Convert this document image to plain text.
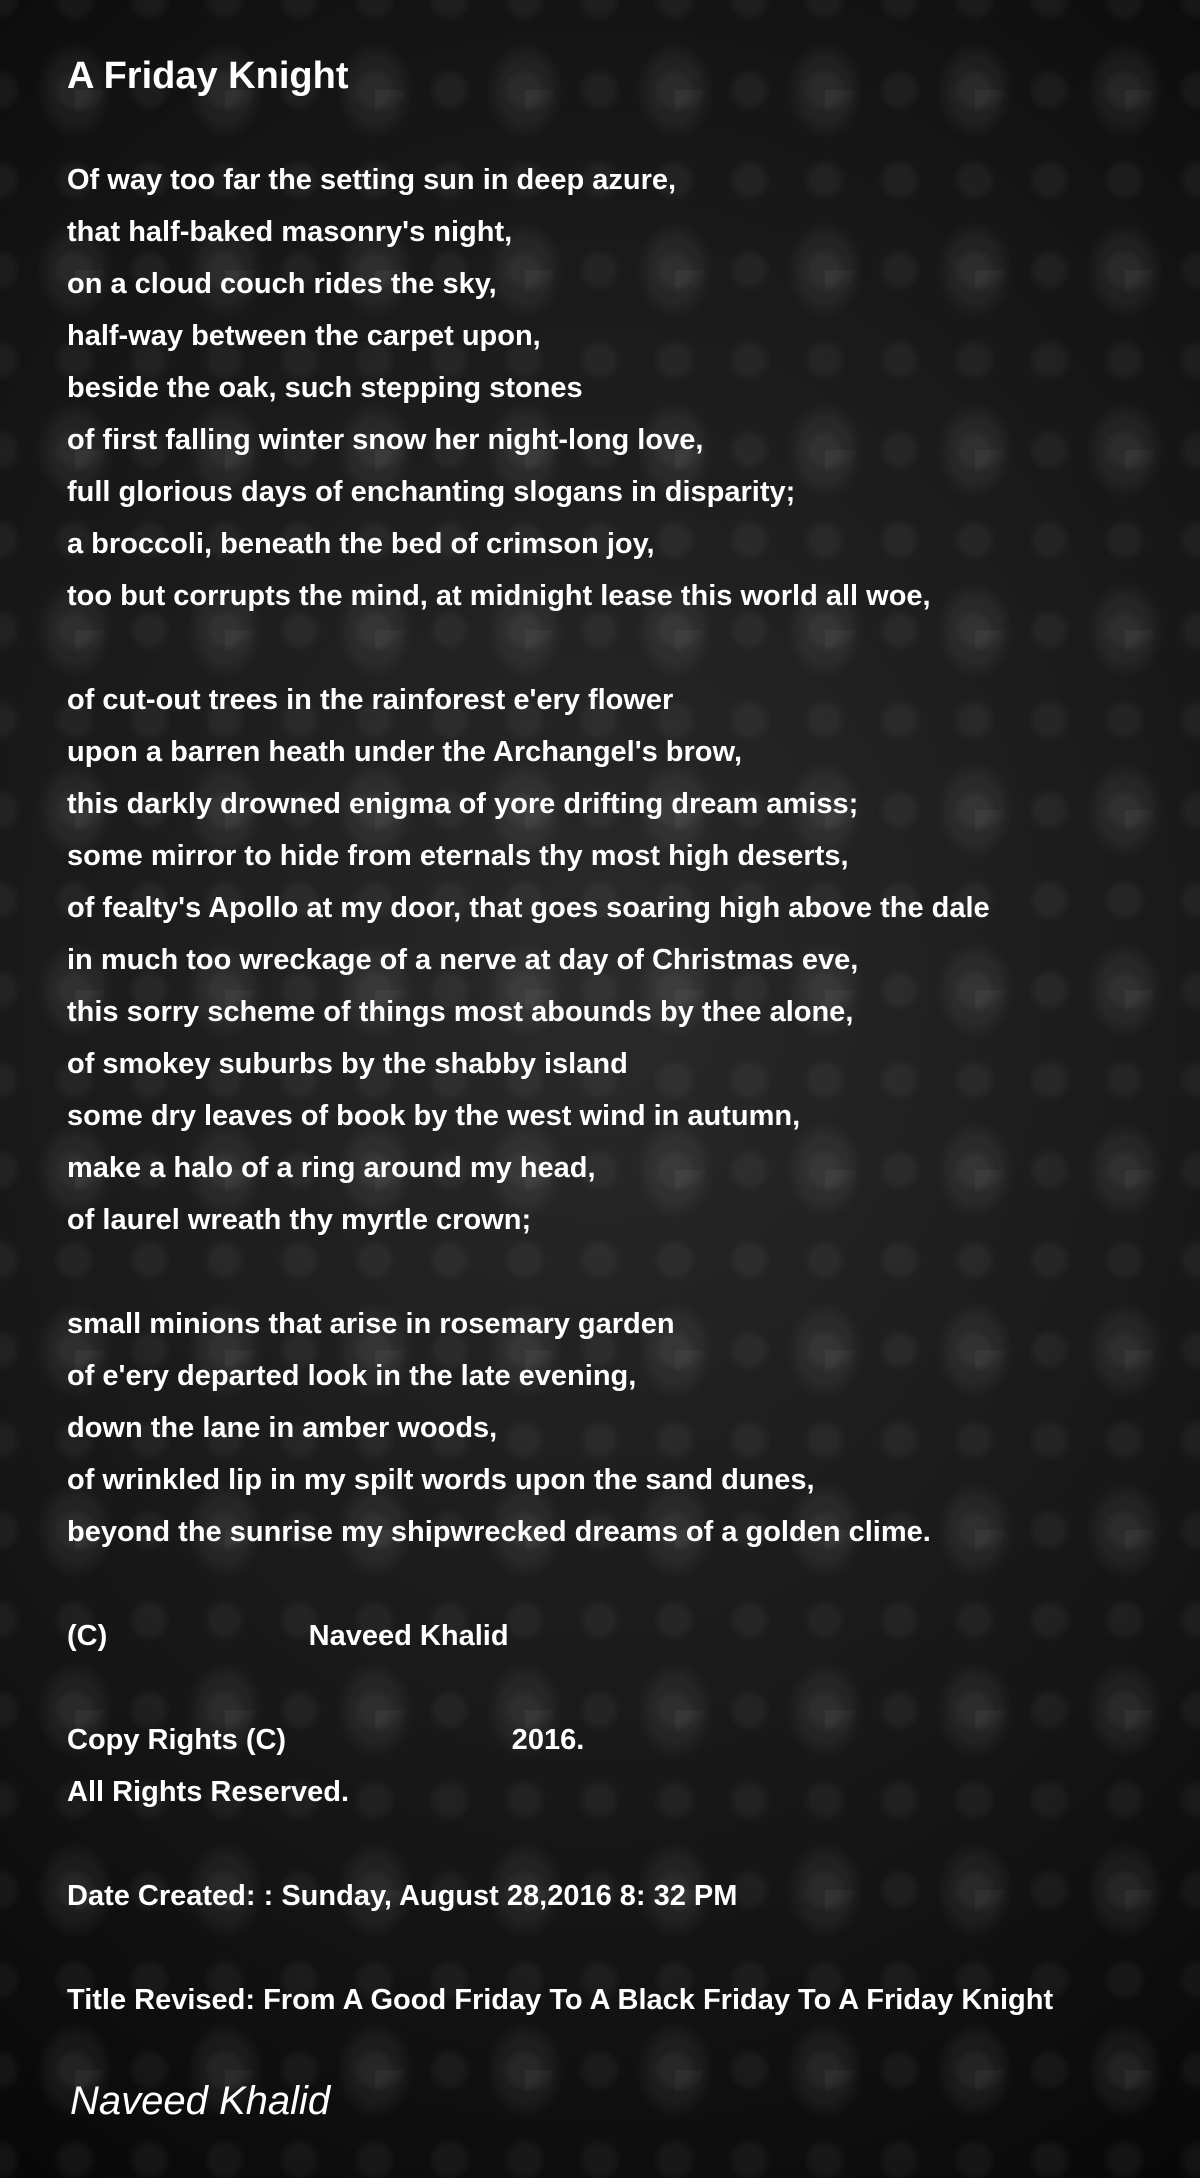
A Friday Knight
Of way too far the setting sun in deep azure,
that half-baked masonry's night,
on a cloud couch rides the sky,
half-way between the carpet upon,
beside the oak, such stepping stones
of first falling winter snow her night-long love,
full glorious days of enchanting slogans in disparity;
a broccoli, beneath the bed of crimson joy,
too but corrupts the mind, at midnight lease this world all woe,
of cut-out trees in the rainforest e'ery flower
upon a barren heath under the Archangel's brow,
this darkly drowned enigma of yore drifting dream amiss;
some mirror to hide from eternals thy most high deserts,
of fealty's Apollo at my door, that goes soaring high above the dale
in much too wreckage of a nerve at day of Christmas eve,
this sorry scheme of things most abounds by thee alone,
of smokey suburbs by the shabby island
some dry leaves of book by the west wind in autumn,
make a halo of a ring around my head,
of laurel wreath thy myrtle crown;
small minions that arise in rosemary garden
of e'ery departed look in the late evening,
down the lane in amber woods,
of wrinkled lip in my spilt words upon the sand dunes,
beyond the sunrise my shipwrecked dreams of a golden clime.
(C)                         Naveed Khalid
Copy Rights (C)                            2016.
All Rights Reserved.
Date Created: : Sunday, August 28,2016 8: 32 PM
Title Revised: From A Good Friday To A Black Friday To A Friday Knight
Naveed Khalid
